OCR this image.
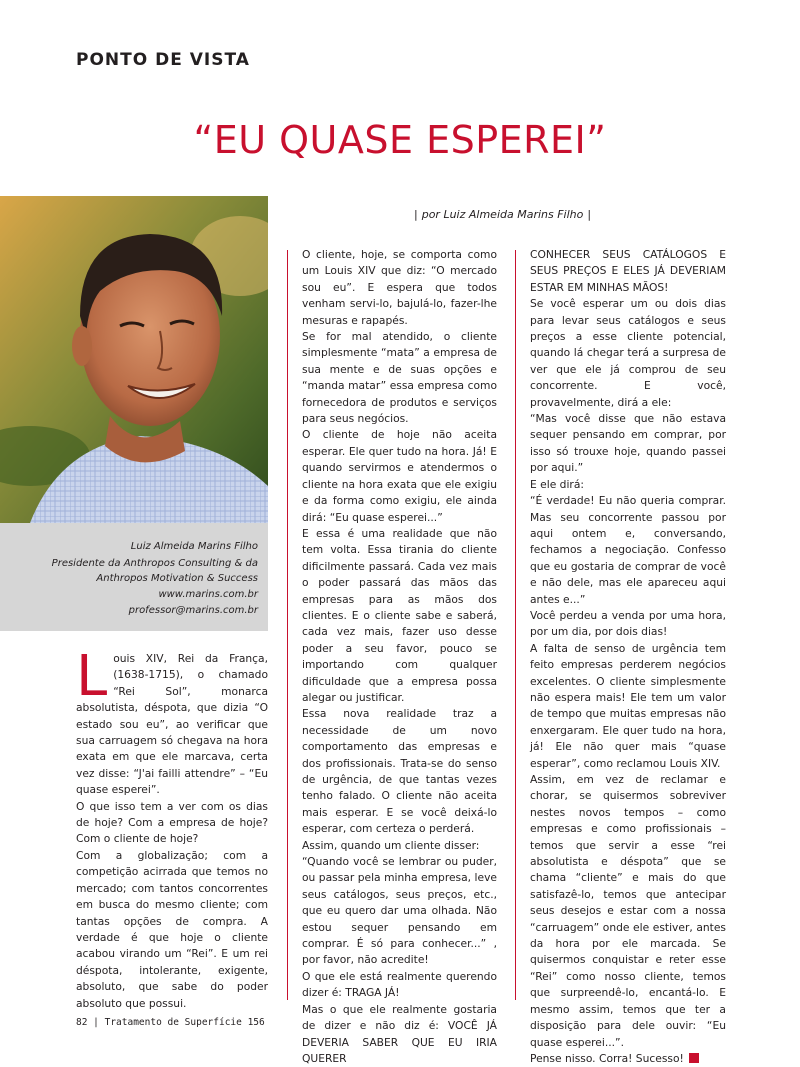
PONTO DE VISTA
“EU QUASE ESPEREI”
| por Luiz Almeida Marins Filho |
Luiz Almeida Marins Filho
Presidente da Anthropos Consulting & da
Anthropos Motivation & Success
www.marins.com.br
professor@marins.com.br

Louis XIV, Rei da França, (1638-1715), o chamado “Rei Sol”, monarca absolutista, déspota, que dizia “O estado sou eu”, ao verificar que sua carruagem só chegava na hora exata em que ele marcava, certa vez disse: “J'ai failli attendre” – “Eu quase esperei”.

O que isso tem a ver com os dias de hoje? Com a empresa de hoje? Com o cliente de hoje?

Com a globalização; com a competição acirrada que temos no mercado; com tantos concorrentes em busca do mesmo cliente; com tantas opções de compra. A verdade é que hoje o cliente acabou virando um “Rei”. E um rei déspota, intolerante, exigente, absoluto, que sabe do poder absoluto que possui.

O cliente, hoje, se comporta como um Louis XIV que diz: “O mercado sou eu”. E espera que todos venham servi-lo, bajulá-lo, fazer-lhe mesuras e rapapés.

Se for mal atendido, o cliente simplesmente “mata” a empresa de sua mente e de suas opções e “manda matar” essa empresa como fornecedora de produtos e serviços para seus negócios.

O cliente de hoje não aceita esperar. Ele quer tudo na hora. Já! E quando servirmos e atendermos o cliente na hora exata que ele exigiu e da forma como exigiu, ele ainda dirá: “Eu quase esperei...”

E essa é uma realidade que não tem volta. Essa tirania do cliente dificilmente passará. Cada vez mais o poder passará das mãos das empresas para as mãos dos clientes. E o cliente sabe e saberá, cada vez mais, fazer uso desse poder a seu favor, pouco se importando com qualquer dificuldade que a empresa possa alegar ou justificar.

Essa nova realidade traz a necessidade de um novo comportamento das empresas e dos profissionais. Trata-se do senso de urgência, de que tantas vezes tenho falado. O cliente não aceita mais esperar. E se você deixá-lo esperar, com certeza o perderá.

Assim, quando um cliente disser:

“Quando você se lembrar ou puder, ou passar pela minha empresa, leve seus catálogos, seus preços, etc., que eu quero dar uma olhada. Não estou sequer pensando em comprar. É só para conhecer...” , por favor, não acredite!

O que ele está realmente querendo dizer é: TRAGA JÁ!

Mas o que ele realmente gostaria de dizer e não diz é: VOCÊ JÁ DEVERIA SABER QUE EU IRIA QUERER

CONHECER SEUS CATÁLOGOS E SEUS PREÇOS E ELES JÁ DEVERIAM ESTAR EM MINHAS MÃOS!

Se você esperar um ou dois dias para levar seus catálogos e seus preços a esse cliente potencial, quando lá chegar terá a surpresa de ver que ele já comprou de seu concorrente. E você, provavelmente, dirá a ele:

“Mas você disse que não estava sequer pensando em comprar, por isso só trouxe hoje, quando passei por aqui.”

E ele dirá:

“É verdade! Eu não queria comprar. Mas seu concorrente passou por aqui ontem e, conversando, fechamos a negociação. Confesso que eu gostaria de comprar de você e não dele, mas ele apareceu aqui antes e...”

Você perdeu a venda por uma hora, por um dia, por dois dias!

A falta de senso de urgência tem feito empresas perderem negócios excelentes. O cliente simplesmente não espera mais! Ele tem um valor de tempo que muitas empresas não enxergaram. Ele quer tudo na hora, já! Ele não quer mais “quase esperar”, como reclamou Louis XIV.

Assim, em vez de reclamar e chorar, se quisermos sobreviver nestes novos tempos – como empresas e como profissionais – temos que servir a esse “rei absolutista e déspota” que se chama “cliente” e mais do que satisfazê-lo, temos que antecipar seus desejos e estar com a nossa “carruagem” onde ele estiver, antes da hora por ele marcada. Se quisermos conquistar e reter esse “Rei” como nosso cliente, temos que surpreendê-lo, encantá-lo. E mesmo assim, temos que ter a disposição para dele ouvir: “Eu quase esperei...”.

Pense nisso. Corra! Sucesso!

82 | Tratamento de Superfície 156
